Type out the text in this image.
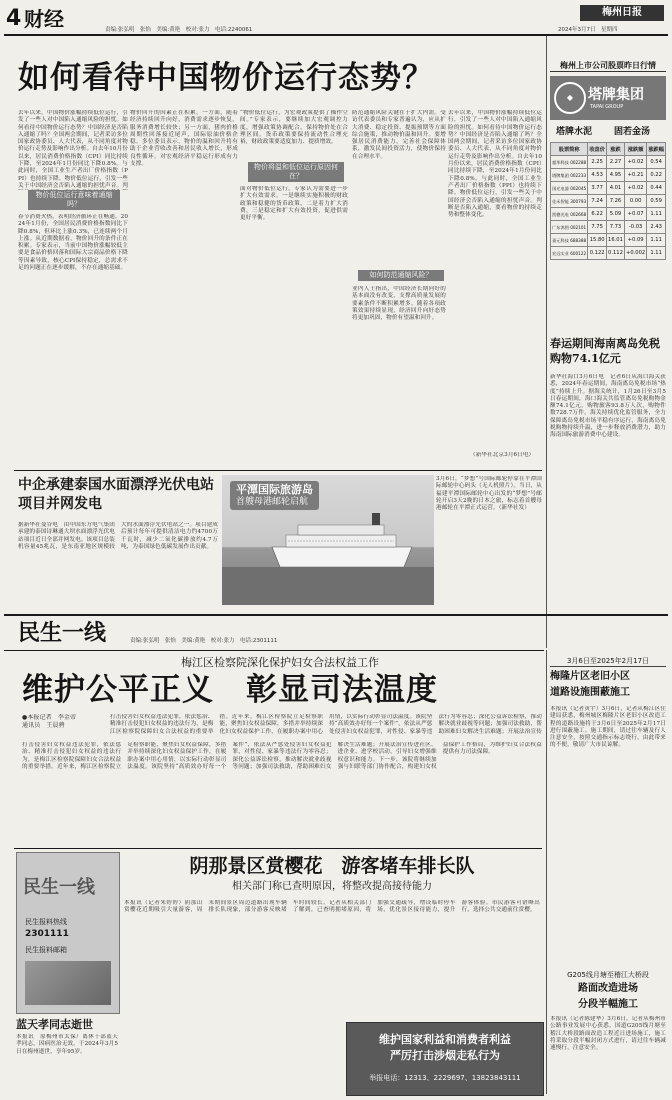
4 财经	责编:张弘明　张怡　美编:黄艳　校对:张力　电话:2240061
梅州日报
2024年3月7日　星期四
如何看待中国物价运行态势？
去年以来，中国物价涨幅持续低位运行，引发了一些人对中国陷入通缩风险的担忧。如何看待中国物价运行态势？中国经济是否陷入通缩了吗？全国两会期间，记者采访多位国家政协委员、人大代表，从不同角度对物价运行走势及影响作出分析。自去年10月份以来，居民消费价格指数（CPI）同比持续下降，至2024年1月份同比下降0.8%。与此同时，全国工业生产者出厂价格指数（PPI）也持续下降。物价低位运行，引发一些关于中国经济会否陷入通缩的担忧声音。判
物价低位运行意味着通缩吗？
春节消费火热，表明经济循环正在畅通。2024年1月份，全国居民消费价格指数同比下降0.8%，但环比上涨0.3%，已连续两个月上涨。从近期数据看，物价回升的条件正在积累。专家表示，当前中国物价涨幅较低主要是食品价格回落和国际大宗商品价格下降等因素导致，核心CPI保持稳定，总需求不足的问题正在逐步缓解，不存在通缩基础。
物价回升的因素正在积累。一方面，随着经济持续回升向好，消费需求逐步恢复，服务消费增长较快；另一方面，猪肉价格周期性回落接近尾声，国际原油价格企稳。多位委员表示，物价的温和回升将有助于企业营收改善和居民收入增长，形成良性循环，对宏观经济平稳运行形成有力支撑。
“物价低位运行，为宏观政策提供了操作空间。”专家表示，要继续加大宏观调控力度，增强政策协调配合，保持物价处在合理区间。货币政策要保持流动性合理充裕，财政政策要适度加力、提质增效。
物价将温和低位运行原因何在？
面对物价低位运行，专家认为需要进一步扩大有效需求。一是继续实施积极的财政政策和稳健的货币政策，二是着力扩大消费，三是稳定和扩大有效投资，促进供需更好平衡。
防范通缩风险关键在于扩大内需。受访代表委员和专家普遍认为，应从扩大消费、稳定投资、提振预期等方面综合施策，推动物价温和回升。要增强居民消费能力，完善社会保障体系，激发民间投资活力，使物价保持在合理水平。
如何防范通缩风险？
业内人士指出，中国经济长期向好的基本面没有改变，支撑高质量发展的要素条件不断积累增多。随着各项政策效果持续显现，经济回升向好态势将更加巩固，物价有望温和回升。
去年以来，中国物价涨幅持续低位运行，引发了一些人对中国陷入通缩风险的担忧。如何看待中国物价运行态势？中国经济是否陷入通缩了吗？全国两会期间，记者采访多位国家政协委员、人大代表，从不同角度对物价运行走势及影响作出分析。自去年10月份以来，居民消费价格指数（CPI）同比持续下降，至2024年1月份同比下降0.8%。与此同时，全国工业生产者出厂价格指数（PPI）也持续下降。物价低位运行，引发一些关于中国经济会否陷入通缩的担忧声音。判断是否陷入通缩，要看物价的持续走势和整体变化。
（新华社北京3月6日电）
梅州上市公司股票昨日行情
◆	塔牌集团
TAPAI GROUP
塔牌水泥 固若金汤
股票简称	收盘价	涨跌	涨跌额	涨跌幅
超华科技 002288	2.25	2.27	+0.02	0.54
塔牌集团 002233	4.53	4.95	+0.21	0.22
国光电器 002045	3.77	4.01	+0.02	0.44
佳禾智能 300793	7.24	7.26	0.00	0.59
凯德光电 002668	6.22	5.09	+0.07	1.11
广东鸿图 002101	7.75	7.73	-0.03	2.43
嘉元科技 688388	15.80	16.01	+0.09	1.11
宏远实业 600122	0.122	0.112	+0.002	1.11
春运期间海南离岛免税购物74.1亿元
新华社海口3月6日电　记者6日从海口海关获悉，2024年春运期间，海南离岛免税市场“热度”持续上升。据海关统计，1月26日至3月5日春运期间，海口海关共监管离岛免税购物金额74.1亿元，购物旅客93.8万人次，购物件数728.7万件。海关持续优化监管服务，全力保障离岛免税市场平稳有序运行，海南离岛免税购物持续升温，进一步释放消费潜力，助力海南国际旅游消费中心建设。
中企承建泰国水面漂浮光伏电站项目并网发电
据新华社曼谷电　由中国东方电气集团承建的泰国诗琳通大坝水面漂浮光伏电站项目近日全部并网发电。该项目总装机容量45兆瓦，是东南亚地区规模较大的水面漂浮光伏电站之一。项目建成后预计每年可提供清洁电力约4700万千瓦时，减少二氧化碳排放约4.7万吨，为泰国绿色低碳发展作出贡献。
平潭国际旅游岛
首艘母港邮轮启航
3月6日，“梦想”号国际邮轮停靠在平潭国际邮轮中心码头（无人机照片）。当日，从福建平潭国际邮轮中心出发的“梦想”号邮轮开启3天2晚的日本之旅，标志着首艘母港邮轮在平潭正式运营。（新华社发）
民生一线	责编:张弘明　张怡　美编:黄艳　校对:张力　电话:2301111
梅江区检察院深化保护妇女合法权益工作
维护公平正义　彰显司法温度
●本报记者　李金帝
通讯员　王晨骋
打击侵害妇女权益违法犯罪，依法惩治、精准打击侵犯妇女权益的违法行为，是梅江区检察院保障妇女合法权益的重要举措。近年来，梅江区检察院立足检察职能，聚焦妇女权益保障，多措并举持续深化妇女权益保护工作，在履职办案中用心用情，以实际行动彰显司法温度。该院坚持“高质效办好每一个案件”，依法从严惩处侵害妇女权益犯罪，对性侵、家暴等违法行为零容忍；深化公益诉讼检察，推动解决就业歧视等问题；加强司法救助，帮助困难妇女解决生活难题；开展法治宣传进社区、进企业、进学校活动，引导妇女增强维权意识和能力。下一步，该院将继续加强与妇联等部门协作配合，构建妇女权益保护工作格局，为维护妇女合法权益提供有力司法保障。
打击侵害妇女权益违法犯罪，依法惩治、精准打击侵犯妇女权益的违法行为，是梅江区检察院保障妇女合法权益的重要举措。近年来，梅江区检察院立足检察职能，聚焦妇女权益保障，多措并举持续深化妇女权益保护工作，在履职办案中用心用情，以实际行动彰显司法温度。该院坚持“高质效办好每一个案件”，依法从严惩处侵害妇女权益犯罪，对性侵、家暴等违法行为零容忍；深化公益诉讼检察，推动解决就业歧视等问题；加强司法救助，帮助困难妇女解决生活难题；开展法治宣传
3月6日至2025年2月17日
梅隆片区老旧小区
道路设施围蔽施工
本报讯（记者黄宇）3月6日，记者从梅江区住建局获悉，梅州城区梅隆片区老旧小区改造工程的道路设施将于3月6日至2025年2月17日进行围蔽施工。施工期间，请过往车辆及行人注意安全，按照交通指示标志绕行，由此带来的不便，敬请广大市民谅解。
G205线月塘至稽江大桥段
路面改造进场
分段半幅施工
本报讯（记者陈建华）3月6日，记者从梅州市公路事业发展中心获悉，国道G205线月塘至稽江大桥段路面改造工程近日进场施工，施工将采取分段半幅封闭方式进行，请过往车辆减速慢行，注意安全。
阴那景区赏樱花　游客堵车排长队
相关部门称已查明原因，将整改提高接待能力
本报讯（记者朱婷婷）阴那山赏樱花近期吸引大量游客，周末期间景区周边道路出现车辆排长队现象，部分游客反映堵车时间较长。记者从相关部门了解到，已查明拥堵原因，将加强交通疏导，增设临时停车场，优化景区接待能力，提升游客体验。市民游客可错峰出行，选择公共交通前往赏樱。
民生一线
民生报料热线
2301111
民生报料邮箱
蓝天孝同志逝世
本报讯　原梅州市太保厂离休干部蓝天孝同志，因病医治无效，于2024年3月5日在梅州逝世，享年95岁。
维护国家利益和消费者利益
严厉打击涉烟走私行为
举报电话：12313、2229697、13823843111
